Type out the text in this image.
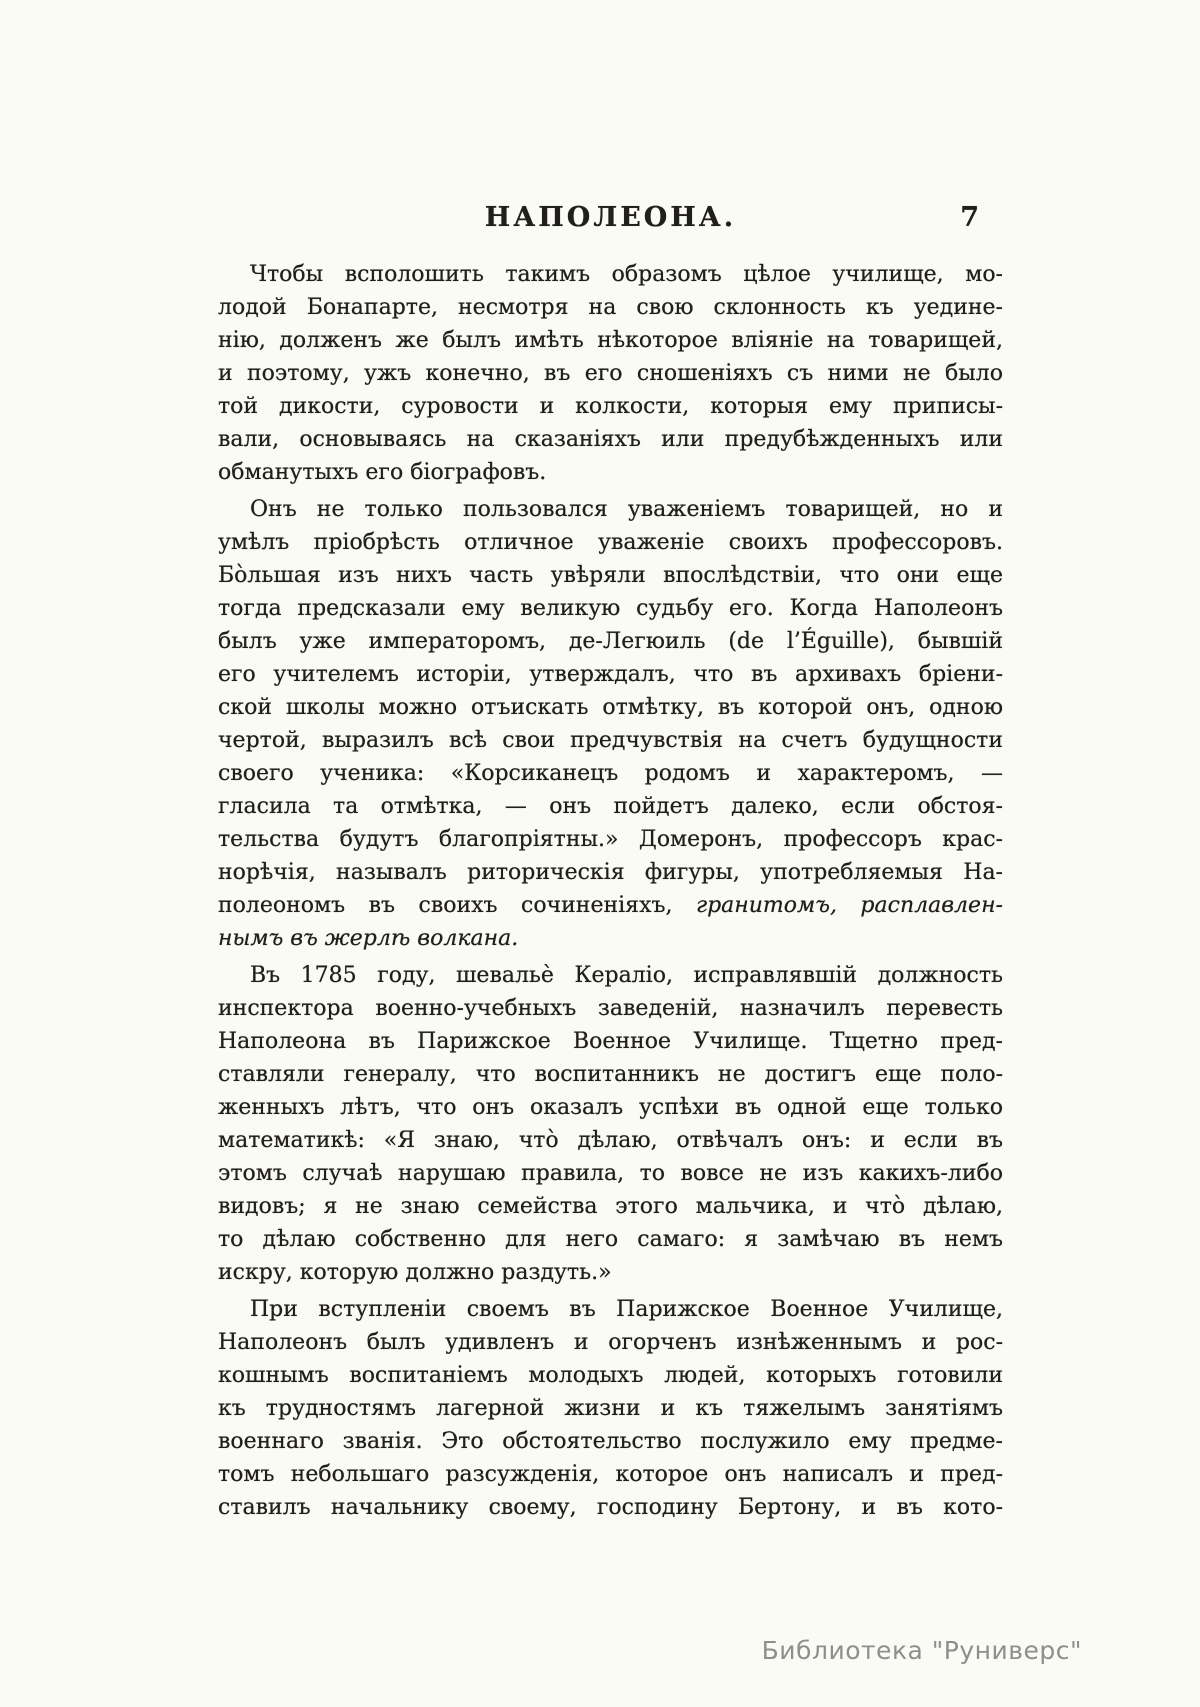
НАПОЛЕОНА.	7
Чтобы всполошить такимъ образомъ цѣлое училище, мо-
лодой Бонапарте, несмотря на свою склонность къ уедине-
нію, долженъ же былъ имѣть нѣкоторое вліяніе на товарищей,
и поэтому, ужъ конечно, въ его сношеніяхъ съ ними не было
той дикости, суровости и колкости, которыя ему приписы-
вали, основываясь на сказаніяхъ или предубѣжденныхъ или
обманутыхъ его біографовъ.
Онъ не только пользовался уваженіемъ товарищей, но и
умѣлъ пріобрѣсть отличное уваженіе своихъ профессоровъ.
Бо̀льшая изъ нихъ часть увѣряли впослѣдствіи, что они еще
тогда предсказали ему великую судьбу его. Когда Наполеонъ
былъ уже императоромъ, де-Легюиль (de l’Éguille), бывшій
его учителемъ исторіи, утверждалъ, что въ архивахъ бріени-
ской школы можно отъискать отмѣтку, въ которой онъ, одною
чертой, выразилъ всѣ свои предчувствія на счетъ будущности
своего ученика: «Корсиканецъ родомъ и характеромъ, —
гласила та отмѣтка, — онъ пойдетъ далеко, если обстоя-
тельства будутъ благопріятны.» Домеронъ, профессоръ крас-
норѣчія, называлъ риторическія фигуры, употребляемыя На-
полеономъ въ своихъ сочиненіяхъ, гранитомъ, расплавлен-
нымъ въ жерлѣ волкана.
Въ 1785 году, шевальѐ Кераліо, исправлявшій должность
инспектора военно-учебныхъ заведеній, назначилъ перевесть
Наполеона въ Парижское Военное Училище. Тщетно пред-
ставляли генералу, что воспитанникъ не достигъ еще поло-
женныхъ лѣтъ, что онъ оказалъ успѣхи въ одной еще только
математикѣ: «Я знаю, что̀ дѣлаю, отвѣчалъ онъ: и если въ
этомъ случаѣ нарушаю правила, то вовсе не изъ какихъ-либо
видовъ; я не знаю семейства этого мальчика, и что̀ дѣлаю,
то дѣлаю собственно для него самаго: я замѣчаю въ немъ
искру, которую должно раздуть.»
При вступленіи своемъ въ Парижское Военное Училище,
Наполеонъ былъ удивленъ и огорченъ изнѣженнымъ и рос-
кошнымъ воспитаніемъ молодыхъ людей, которыхъ готовили
къ трудностямъ лагерной жизни и къ тяжелымъ занятіямъ
военнаго званія. Это обстоятельство послужило ему предме-
томъ небольшаго разсужденія, которое онъ написалъ и пред-
ставилъ начальнику своему, господину Бертону, и въ кото-
Библиотека "Руниверс"
